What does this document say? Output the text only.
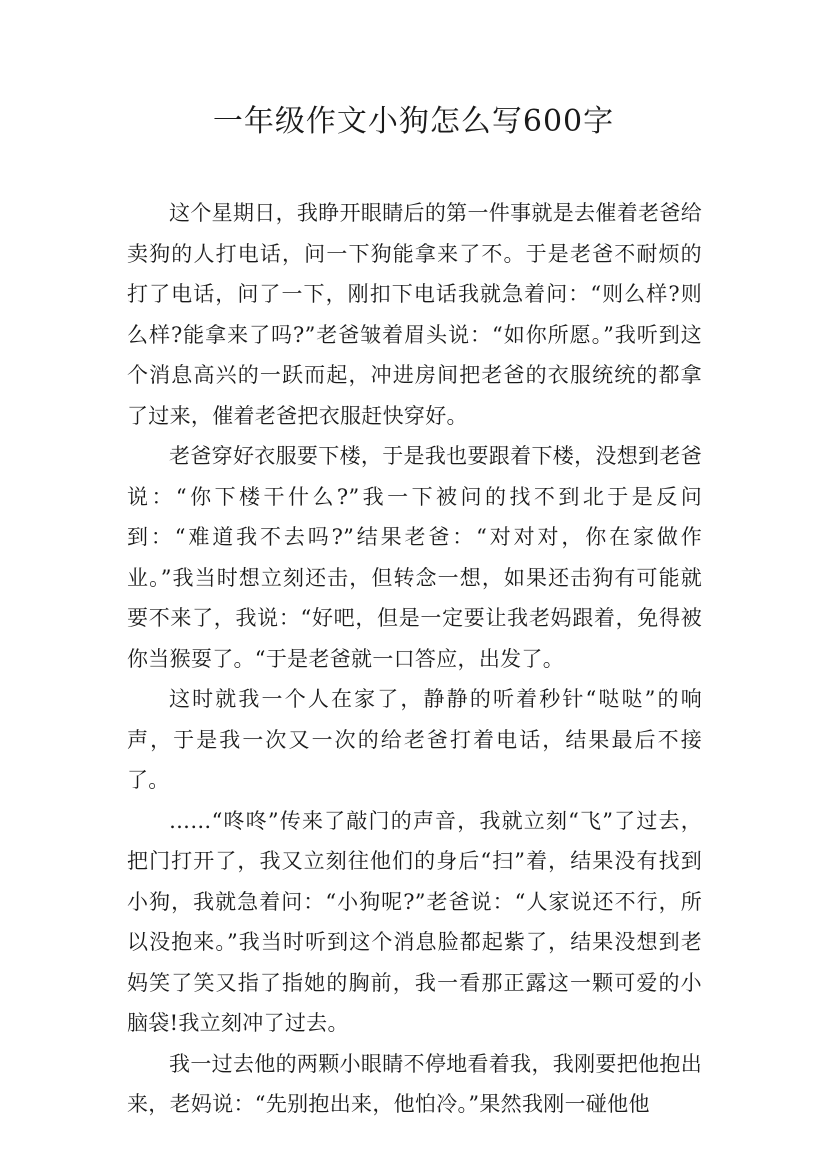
一年级作文小狗怎么写600字

这个星期日，我睁开眼睛后的第一件事就是去催着老爸给卖狗的人打电话，问一下狗能拿来了不。于是老爸不耐烦的打了电话，问了一下，刚扣下电话我就急着问：“则么样?则么样?能拿来了吗?”老爸皱着眉头说：“如你所愿。”我听到这个消息高兴的一跃而起，冲进房间把老爸的衣服统统的都拿了过来，催着老爸把衣服赶快穿好。

老爸穿好衣服要下楼，于是我也要跟着下楼，没想到老爸说：“你下楼干什么?”我一下被问的找不到北于是反问到：“难道我不去吗?”结果老爸：“对对对，你在家做作业。”我当时想立刻还击，但转念一想，如果还击狗有可能就要不来了，我说：“好吧，但是一定要让我老妈跟着，免得被你当猴耍了。“于是老爸就一口答应，出发了。

这时就我一个人在家了，静静的听着秒针“哒哒”的响声，于是我一次又一次的给老爸打着电话，结果最后不接了。

……“咚咚”传来了敲门的声音，我就立刻“飞”了过去，把门打开了，我又立刻往他们的身后“扫”着，结果没有找到小狗，我就急着问：“小狗呢?”老爸说：“人家说还不行，所以没抱来。”我当时听到这个消息脸都起紫了，结果没想到老妈笑了笑又指了指她的胸前，我一看那正露这一颗可爱的小脑袋!我立刻冲了过去。

我一过去他的两颗小眼睛不停地看着我，我刚要把他抱出来，老妈说：“先别抱出来，他怕冷。”果然我刚一碰他他
